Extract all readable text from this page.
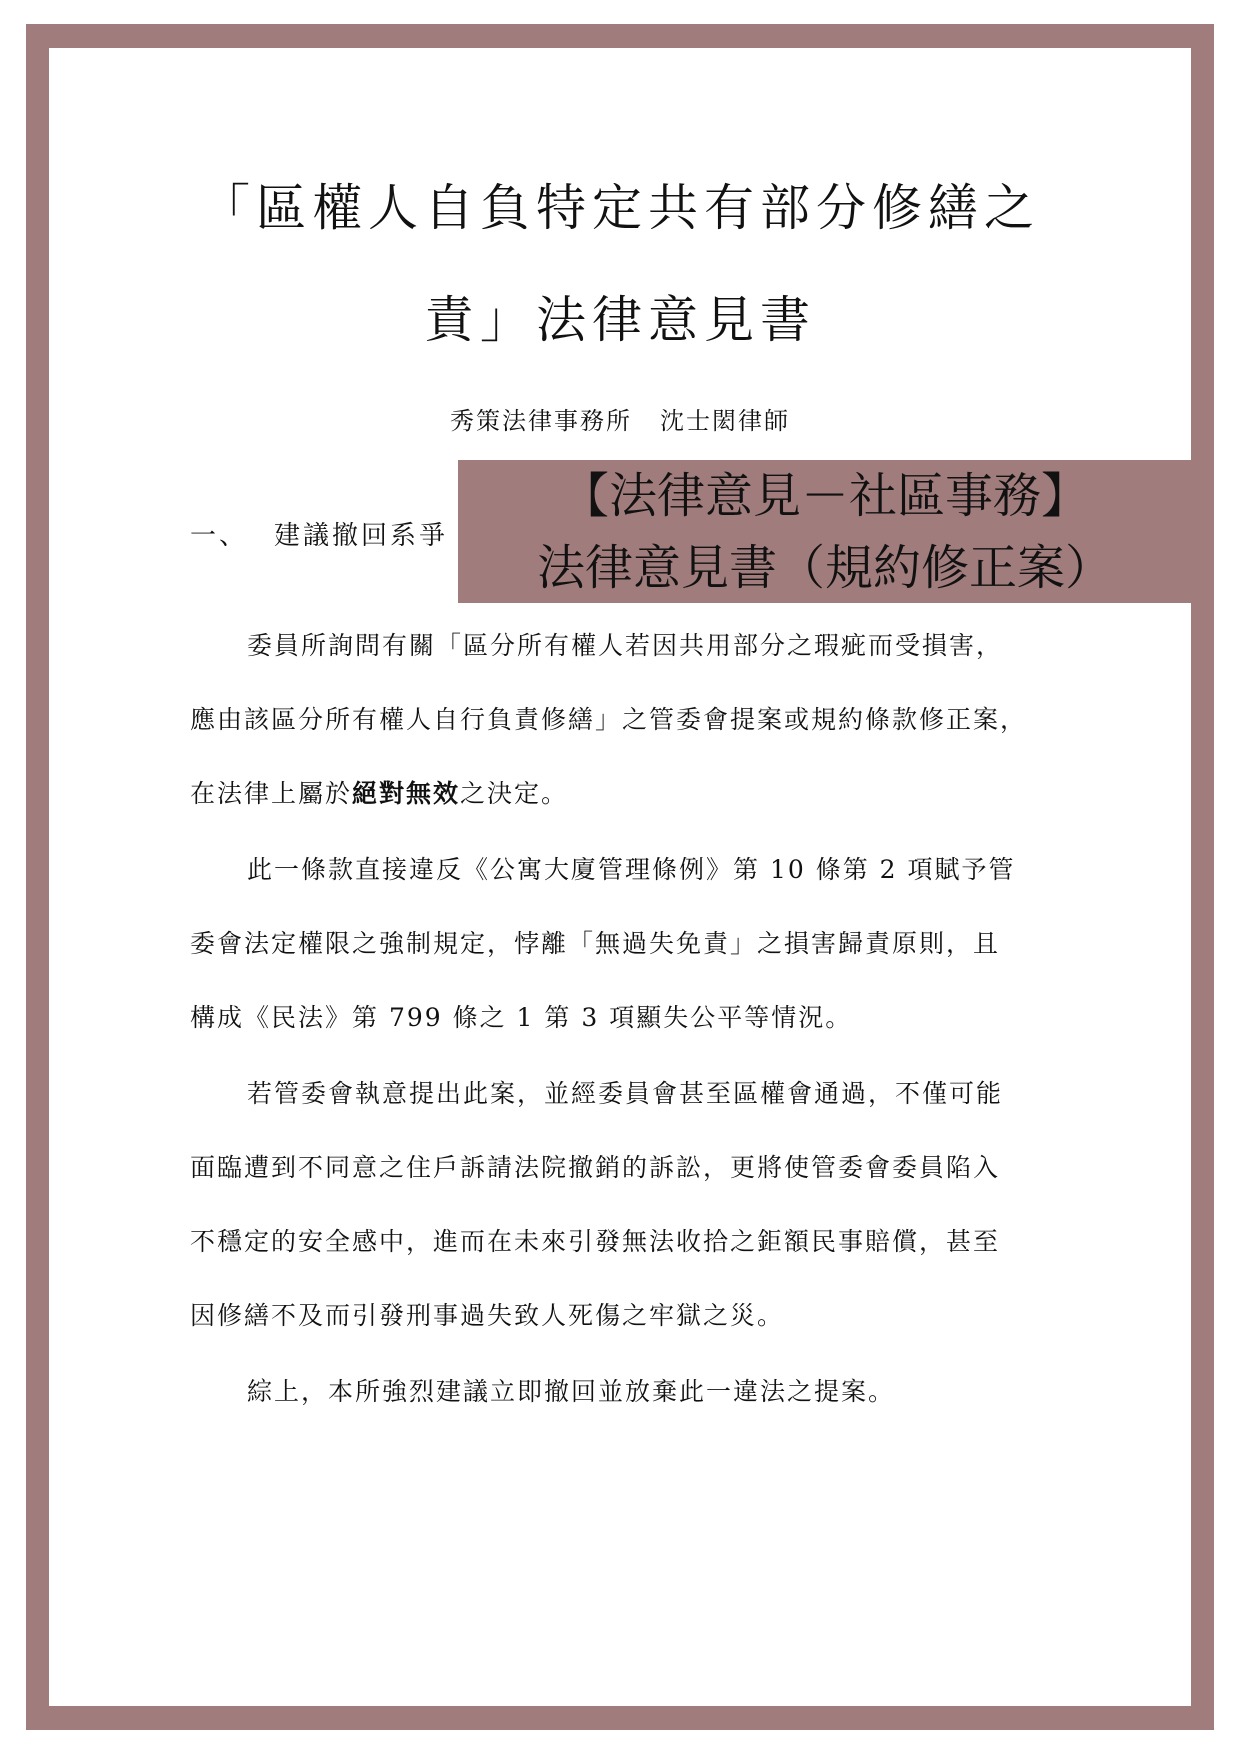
「區權人自負特定共有部分修繕之
責」法律意見書
秀策法律事務所 沈士閎律師
一、 建議撤回系爭
【法律意見－社區事務】
法律意見書（規約修正案）
委員所詢問有關「區分所有權人若因共用部分之瑕疵而受損害，
應由該區分所有權人自行負責修繕」之管委會提案或規約條款修正案，
在法律上屬於絕對無效之決定。
此一條款直接違反《公寓大廈管理條例》第 10 條第 2 項賦予管
委會法定權限之強制規定，悖離「無過失免責」之損害歸責原則，且
構成《民法》第 799 條之 1 第 3 項顯失公平等情況。
若管委會執意提出此案，並經委員會甚至區權會通過，不僅可能
面臨遭到不同意之住戶訴請法院撤銷的訴訟，更將使管委會委員陷入
不穩定的安全感中，進而在未來引發無法收拾之鉅額民事賠償，甚至
因修繕不及而引發刑事過失致人死傷之牢獄之災。
綜上，本所強烈建議立即撤回並放棄此一違法之提案。
